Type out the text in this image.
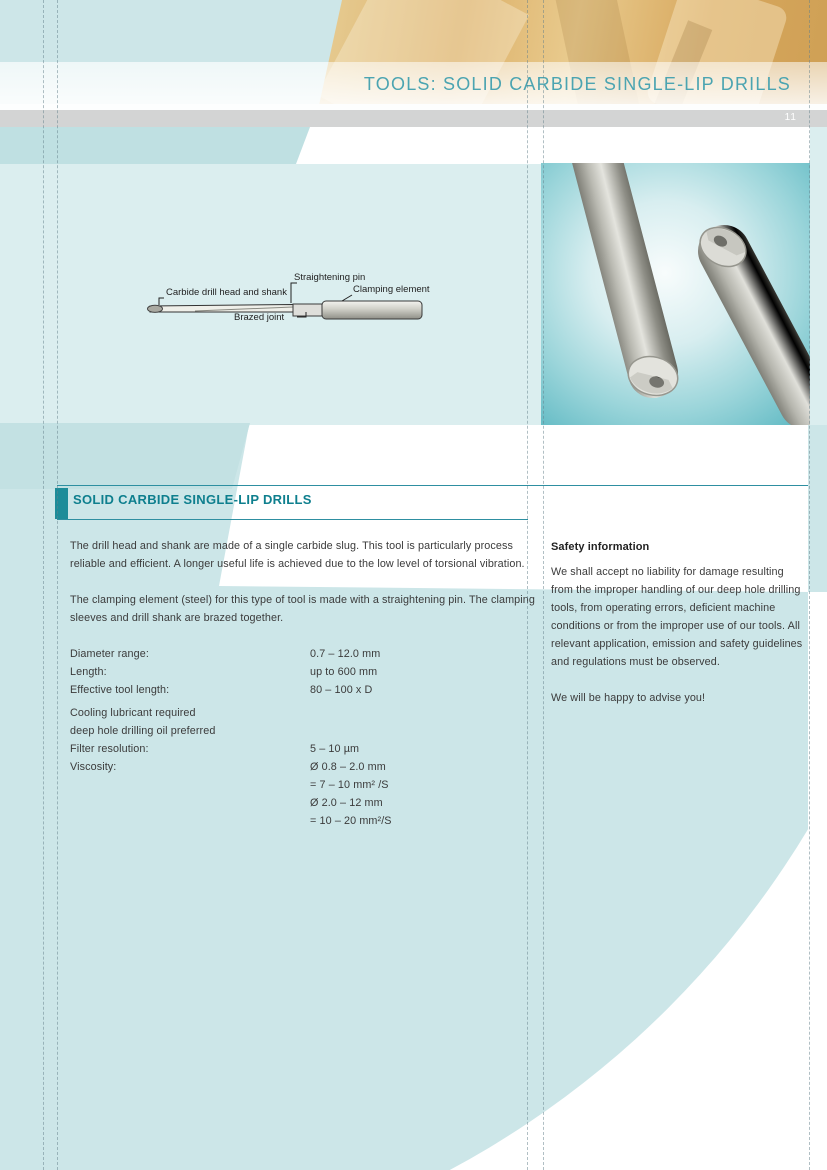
TOOLS: SOLID CARBIDE SINGLE-LIP DRILLS
11
Straightening pin
Carbide drill head and shank	Clamping element
Brazed joint
SOLID CARBIDE SINGLE-LIP DRILLS
The drill head and shank are made of a single carbide slug. This tool is particularly process reliable and efficient. A longer useful life is achieved due to the low level of torsional vibration.
The clamping element (steel) for this type of tool is made with a straightening pin. The clamping sleeves and drill shank are brazed together.
Diameter range:	0.7 – 12.0 mm
Length:	up to 600 mm
Effective tool length:	80 – 100 x D
Cooling lubricant required
deep hole drilling oil preferred
Filter resolution:	5 – 10 µm
Viscosity:	Ø 0.8 – 2.0 mm
= 7 – 10 mm² /S
Ø 2.0 – 12 mm
= 10 – 20 mm²/S
Safety information
We shall accept no liability for damage resulting from the improper handling of our deep hole drilling tools, from operating errors, deficient machine conditions or from the improper use of our tools. All relevant application, emission and safety guidelines and regulations must be observed.
We will be happy to advise you!
